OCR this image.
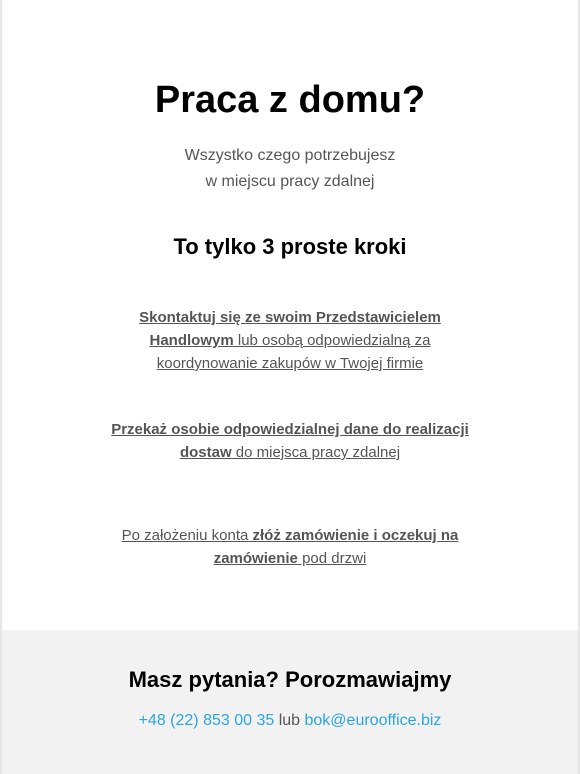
Praca z domu?

Wszystko czego potrzebujesz
w miejscu pracy zdalnej

To tylko 3 proste kroki

Skontaktuj się ze swoim Przedstawicielem Handlowym lub osobą odpowiedzialną za koordynowanie zakupów w Twojej firmie

Przekaż osobie odpowiedzialnej dane do realizacji dostaw do miejsca pracy zdalnej

Po założeniu konta złóż zamówienie i oczekuj na zamówienie pod drzwi

Masz pytania? Porozmawiajmy

+48 (22) 853 00 35 lub bok@eurooffice.biz
